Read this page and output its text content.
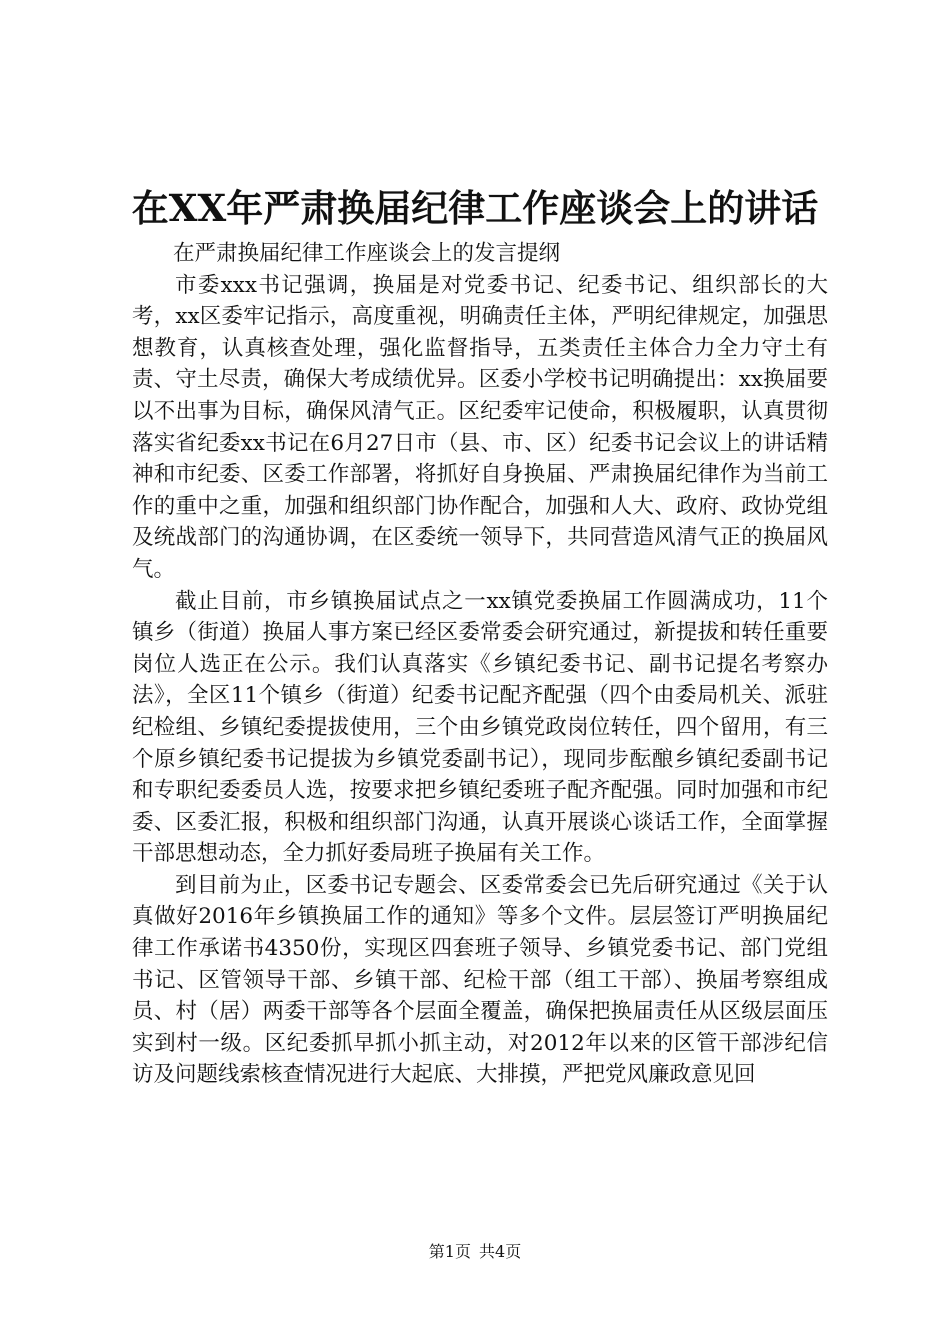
在XX年严肃换届纪律工作座谈会上的讲话

在严肃换届纪律工作座谈会上的发言提纲

市委xxx书记强调，换届是对党委书记、纪委书记、组织部长的大考，xx区委牢记指示，高度重视，明确责任主体，严明纪律规定，加强思想教育，认真核查处理，强化监督指导，五类责任主体合力全力守土有责、守土尽责，确保大考成绩优异。区委小学校书记明确提出：xx换届要以不出事为目标，确保风清气正。区纪委牢记使命，积极履职，认真贯彻落实省纪委xx书记在6月27日市（县、市、区）纪委书记会议上的讲话精神和市纪委、区委工作部署，将抓好自身换届、严肃换届纪律作为当前工作的重中之重，加强和组织部门协作配合，加强和人大、政府、政协党组及统战部门的沟通协调，在区委统一领导下，共同营造风清气正的换届风气。

截止目前，市乡镇换届试点之一xx镇党委换届工作圆满成功，11个镇乡（街道）换届人事方案已经区委常委会研究通过，新提拔和转任重要岗位人选正在公示。我们认真落实《乡镇纪委书记、副书记提名考察办法》，全区11个镇乡（街道）纪委书记配齐配强（四个由委局机关、派驻纪检组、乡镇纪委提拔使用，三个由乡镇党政岗位转任，四个留用，有三个原乡镇纪委书记提拔为乡镇党委副书记），现同步酝酿乡镇纪委副书记和专职纪委委员人选，按要求把乡镇纪委班子配齐配强。同时加强和市纪委、区委汇报，积极和组织部门沟通，认真开展谈心谈话工作，全面掌握干部思想动态，全力抓好委局班子换届有关工作。

到目前为止，区委书记专题会、区委常委会已先后研究通过《关于认真做好2016年乡镇换届工作的通知》等多个文件。层层签订严明换届纪律工作承诺书4350份，实现区四套班子领导、乡镇党委书记、部门党组书记、区管领导干部、乡镇干部、纪检干部（组工干部）、换届考察组成员、村（居）两委干部等各个层面全覆盖，确保把换届责任从区级层面压实到村一级。区纪委抓早抓小抓主动，对2012年以来的区管干部涉纪信访及问题线索核查情况进行大起底、大排摸，严把党风廉政意见回

第1页 共4页
